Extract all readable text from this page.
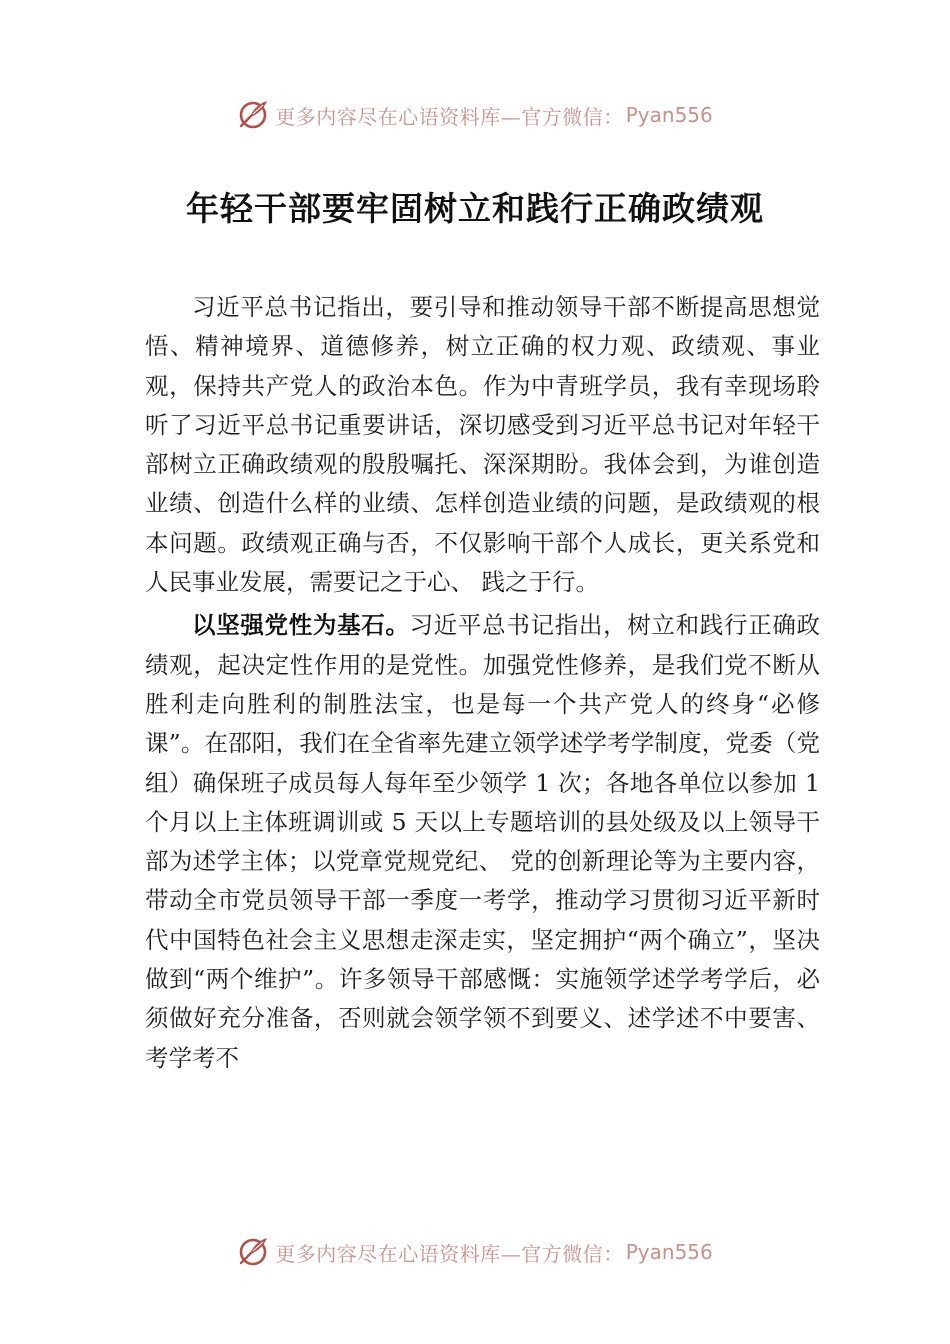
更多内容尽在心语资料库—官方微信： Pyan556
年轻干部要牢固树立和践行正确政绩观

习近平总书记指出，要引导和推动领导干部不断提高思想觉悟、精神境界、道德修养，树立正确的权力观、政绩观、事业观，保持共产党人的政治本色。作为中青班学员，我有幸现场聆听了习近平总书记重要讲话，深切感受到习近平总书记对年轻干部树立正确政绩观的殷殷嘱托、深深期盼。我体会到，为谁创造业绩、创造什么样的业绩、怎样创造业绩的问题，是政绩观的根本问题。政绩观正确与否，不仅影响干部个人成长，更关系党和人民事业发展，需要记之于心、 践之于行。

以坚强党性为基石。习近平总书记指出，树立和践行正确政绩观，起决定性作用的是党性。加强党性修养，是我们党不断从胜利走向胜利的制胜法宝，也是每一个共产党人的终身“必修课”。在邵阳，我们在全省率先建立领学述学考学制度，党委（党组）确保班子成员每人每年至少领学 1 次；各地各单位以参加 1 个月以上主体班调训或 5 天以上专题培训的县处级及以上领导干部为述学主体；以党章党规党纪、 党的创新理论等为主要内容，带动全市党员领导干部一季度一考学，推动学习贯彻习近平新时代中国特色社会主义思想走深走实，坚定拥护“两个确立”，坚决做到“两个维护”。许多领导干部感慨：实施领学述学考学后，必须做好充分准备，否则就会领学领不到要义、述学述不中要害、考学考不

更多内容尽在心语资料库—官方微信： Pyan556
